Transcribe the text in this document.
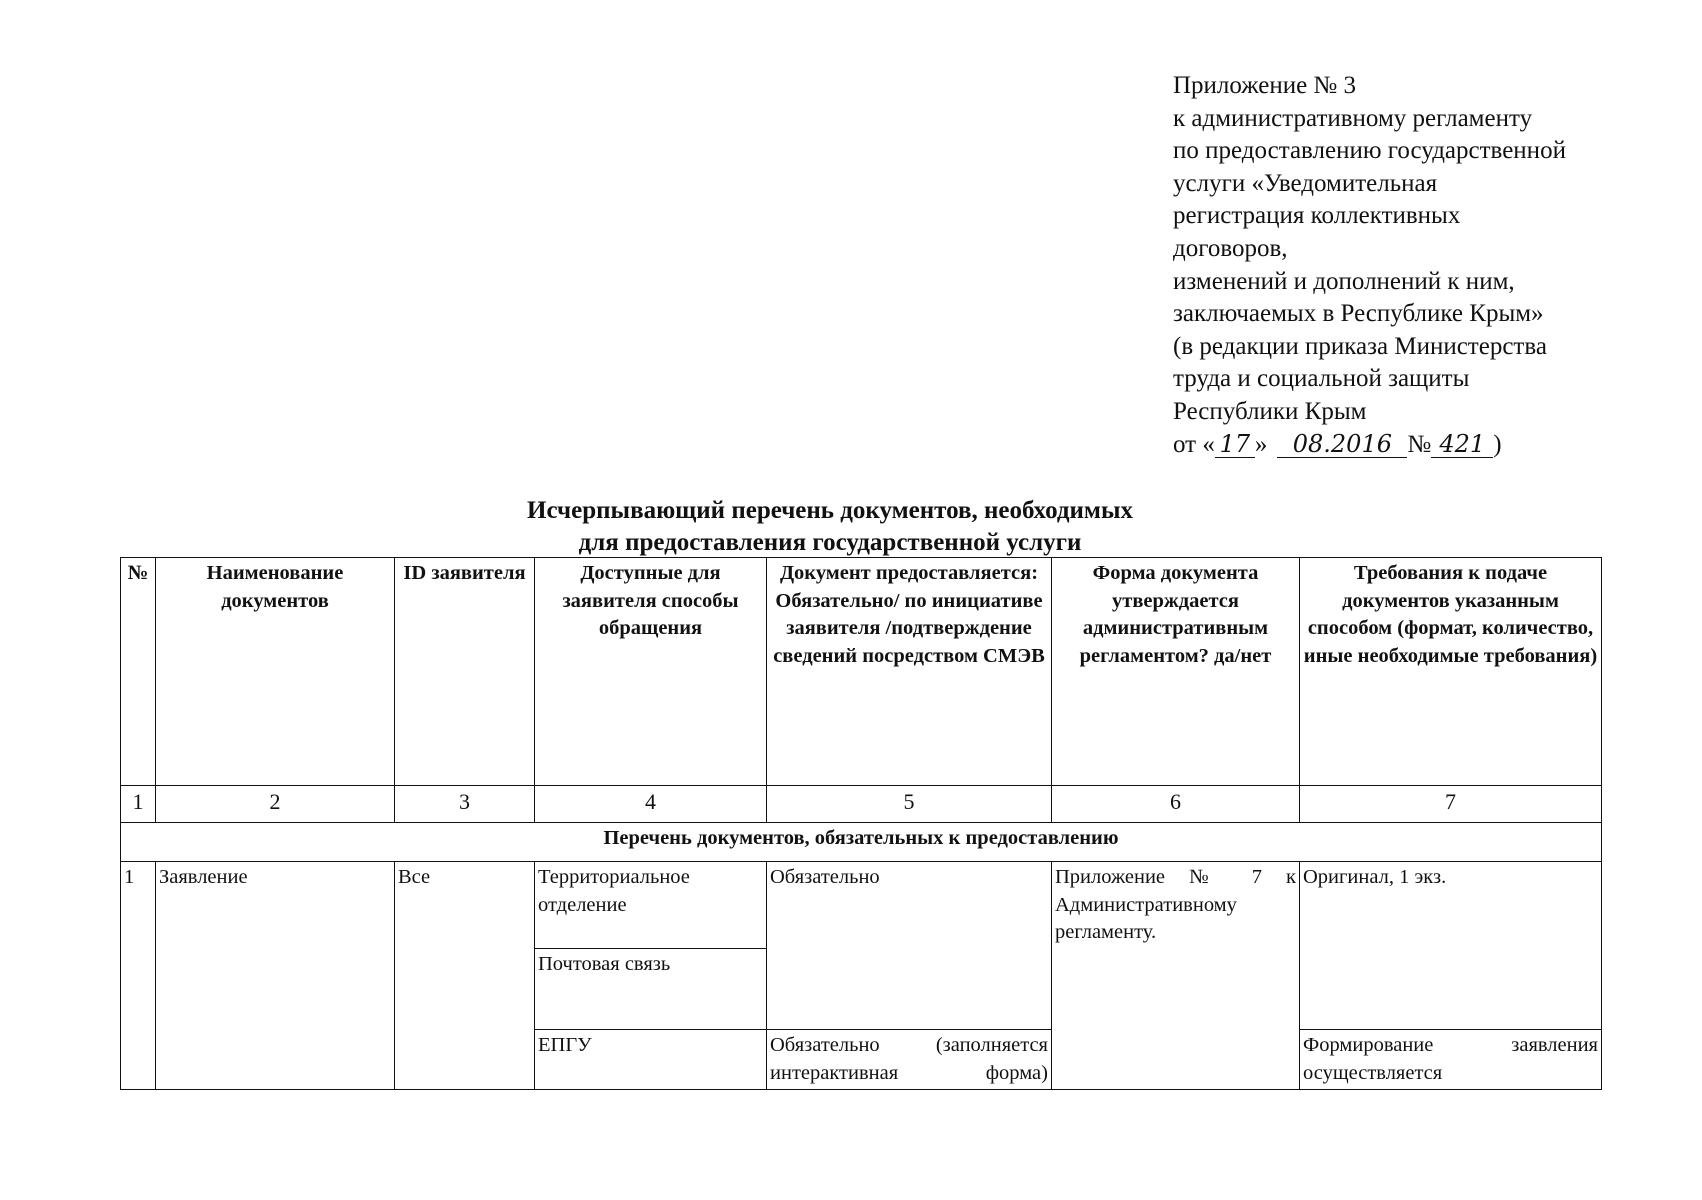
Приложение № 3
к административному регламенту
по предоставлению государственной
услуги «Уведомительная
регистрация коллективных
договоров,
изменений и дополнений к ним,
заключаемых в Республике Крым»
(в редакции приказа Министерства
труда и социальной защиты
Республики Крым
от « 17 » 08.2016 № 421 )
Исчерпывающий перечень документов, необходимых
для предоставления государственной услуги
№	Наименование документов	ID заявителя	Доступные для заявителя способы обращения	Документ предоставляется: Обязательно/ по инициативе заявителя /подтверждение сведений посредством СМЭВ	Форма документа утверждается административным регламентом? да/нет	Требования к подаче документов указанным способом (формат, количество, иные необходимые требования)
1	2	3	4	5	6	7
Перечень документов, обязательных к предоставлению						
1	Заявление	Все	Территориальное отделение	Обязательно	Приложение № 7 к Административному регламенту.	Оригинал, 1 экз.
			Почтовая связь			
			ЕПГУ	Обязательно (заполняется интерактивная форма)		Формирование заявления осуществляется
